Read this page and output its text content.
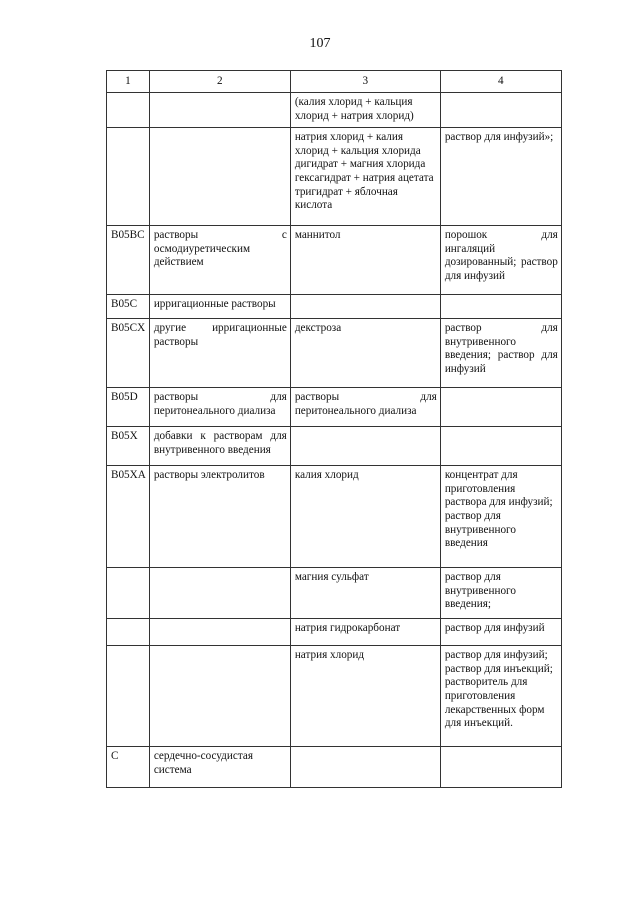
107
1	2	3	4
		(калия хлорид + кальция хлорид + натрия хлорид)	
		натрия хлорид + калия хлорид + кальция хлорида дигидрат + магния хлорида гексагидрат + натрия ацетата тригидрат + яблочная кислота	раствор для инфузий»;
B05BC	растворы с осмодиуретическим действием	маннитол	порошок для ингаляций дозированный; раствор для инфузий
B05C	ирригационные растворы		
B05CX	другие ирригационные растворы	декстроза	раствор для внутривенного введения; раствор для инфузий
B05D	растворы для перитонеального диализа	растворы для перитонеального диализа	
B05X	добавки к растворам для внутривенного введения		
B05XA	растворы электролитов	калия хлорид	концентрат для приготовления раствора для инфузий; раствор для внутривенного введения
		магния сульфат	раствор для внутривенного введения;
		натрия гидрокарбонат	раствор для инфузий
		натрия хлорид	раствор для инфузий; раствор для инъекций; растворитель для приготовления лекарственных форм для инъекций.
C	сердечно-сосудистая система		
